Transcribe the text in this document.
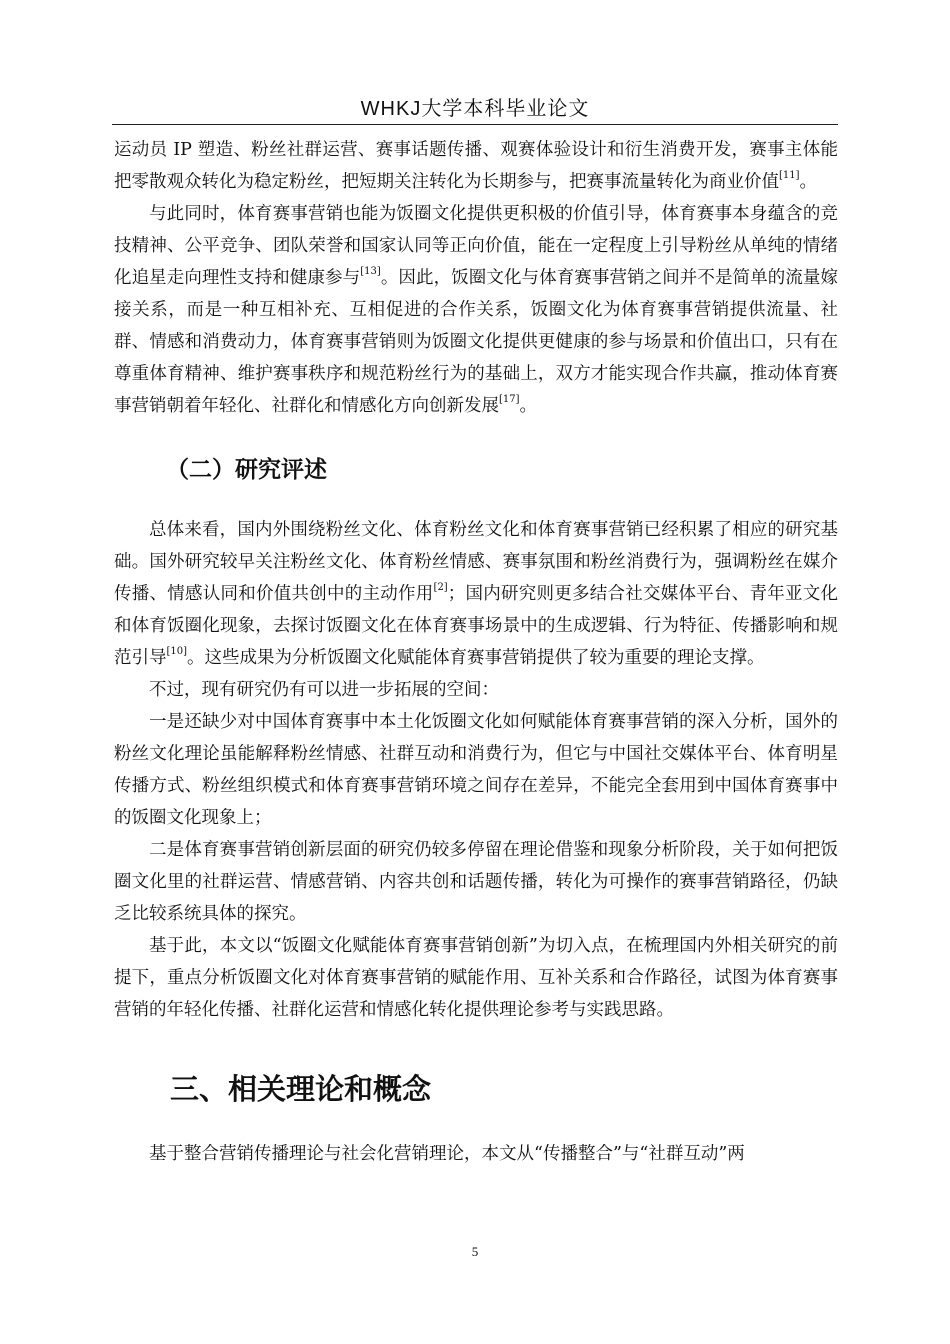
WHKJ大学本科毕业论文

运动员 IP 塑造、粉丝社群运营、赛事话题传播、观赛体验设计和衍生消费开发，赛事主体能把零散观众转化为稳定粉丝，把短期关注转化为长期参与，把赛事流量转化为商业价值[11]。

与此同时，体育赛事营销也能为饭圈文化提供更积极的价值引导，体育赛事本身蕴含的竞技精神、公平竞争、团队荣誉和国家认同等正向价值，能在一定程度上引导粉丝从单纯的情绪化追星走向理性支持和健康参与[13]。因此，饭圈文化与体育赛事营销之间并不是简单的流量嫁接关系，而是一种互相补充、互相促进的合作关系，饭圈文化为体育赛事营销提供流量、社群、情感和消费动力，体育赛事营销则为饭圈文化提供更健康的参与场景和价值出口，只有在尊重体育精神、维护赛事秩序和规范粉丝行为的基础上，双方才能实现合作共赢，推动体育赛事营销朝着年轻化、社群化和情感化方向创新发展[17]。

（二）研究评述

总体来看，国内外围绕粉丝文化、体育粉丝文化和体育赛事营销已经积累了相应的研究基础。国外研究较早关注粉丝文化、体育粉丝情感、赛事氛围和粉丝消费行为，强调粉丝在媒介传播、情感认同和价值共创中的主动作用[2]；国内研究则更多结合社交媒体平台、青年亚文化和体育饭圈化现象，去探讨饭圈文化在体育赛事场景中的生成逻辑、行为特征、传播影响和规范引导[10]。这些成果为分析饭圈文化赋能体育赛事营销提供了较为重要的理论支撑。

不过，现有研究仍有可以进一步拓展的空间：

一是还缺少对中国体育赛事中本土化饭圈文化如何赋能体育赛事营销的深入分析，国外的粉丝文化理论虽能解释粉丝情感、社群互动和消费行为，但它与中国社交媒体平台、体育明星传播方式、粉丝组织模式和体育赛事营销环境之间存在差异，不能完全套用到中国体育赛事中的饭圈文化现象上；

二是体育赛事营销创新层面的研究仍较多停留在理论借鉴和现象分析阶段，关于如何把饭圈文化里的社群运营、情感营销、内容共创和话题传播，转化为可操作的赛事营销路径，仍缺乏比较系统具体的探究。

基于此，本文以“饭圈文化赋能体育赛事营销创新”为切入点，在梳理国内外相关研究的前提下，重点分析饭圈文化对体育赛事营销的赋能作用、互补关系和合作路径，试图为体育赛事营销的年轻化传播、社群化运营和情感化转化提供理论参考与实践思路。

三、相关理论和概念

基于整合营销传播理论与社会化营销理论，本文从“传播整合”与“社群互动”两

5
